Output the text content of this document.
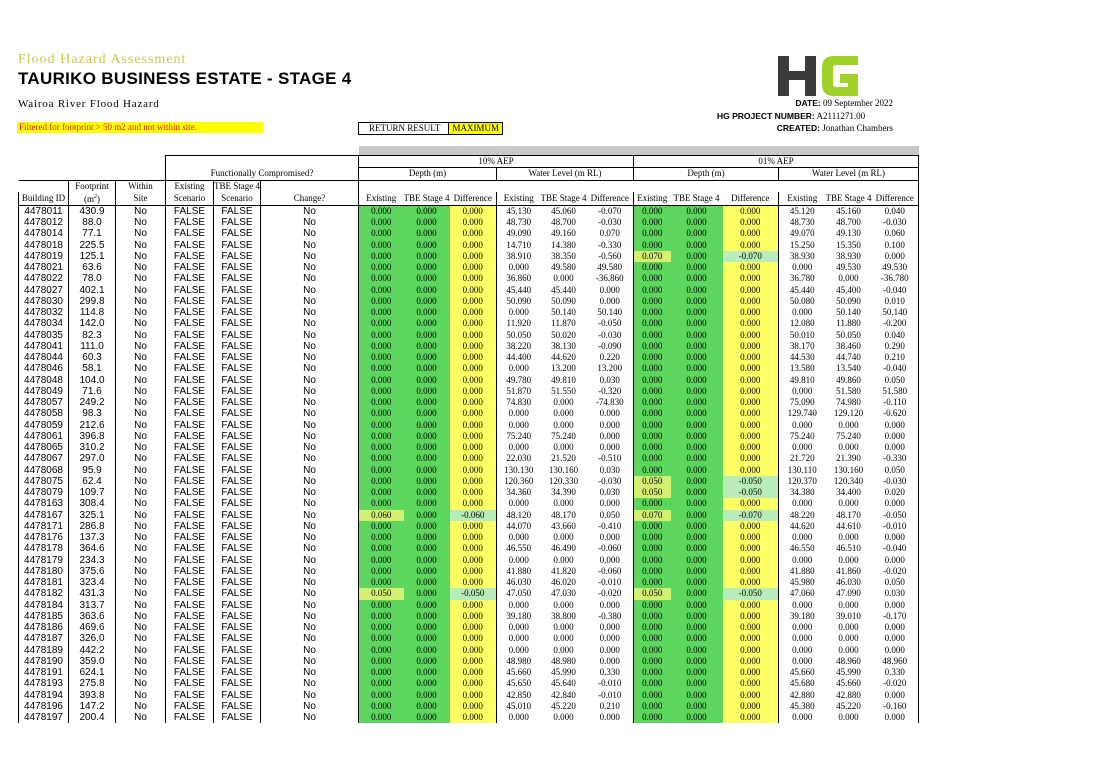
Flood Hazard Assessment
TAURIKO BUSINESS ESTATE - STAGE 4
Wairoa River Flood Hazard
Filtered for footprint > 50 m2 and not within site.	RETURN RESULT	MAXIMUM
DATE: 09 September 2022
HG PROJECT NUMBER: A2111271.00
CREATED: Jonathan Chambers

						10% AEP						01% AEP					
			Functionally Compromised?			Depth (m)			Water Level (m RL)			Depth (m)			Water Level (m RL)		
	Footprint	Within	Existing	TBE Stage 4													
Building ID	$(m^2)$	Site	Scenario	Scenario	Change?	Existing	TBE Stage 4	Difference	Existing	TBE Stage 4	Difference	Existing	TBE Stage 4	Difference	Existing	TBE Stage 4	Difference
4478011	430.9	No	FALSE	FALSE	No	0.000	0.000	0.000	45.130	45.060	-0.070	0.000	0.000	0.000	45.120	45.160	0.040
4478012	88.0	No	FALSE	FALSE	No	0.000	0.000	0.000	48.730	48.700	-0.030	0.000	0.000	0.000	48.730	48.700	-0.030
4478014	77.1	No	FALSE	FALSE	No	0.000	0.000	0.000	49.090	49.160	0.070	0.000	0.000	0.000	49.070	49.130	0.060
4478018	225.5	No	FALSE	FALSE	No	0.000	0.000	0.000	14.710	14.380	-0.330	0.000	0.000	0.000	15.250	15.350	0.100
4478019	125.1	No	FALSE	FALSE	No	0.000	0.000	0.000	38.910	38.350	-0.560	0.070	0.000	-0.070	38.930	38.930	0.000
4478021	63.6	No	FALSE	FALSE	No	0.000	0.000	0.000	0.000	49.580	49.580	0.000	0.000	0.000	0.000	49.530	49.530
4478022	78.0	No	FALSE	FALSE	No	0.000	0.000	0.000	36.860	0.000	-36.860	0.000	0.000	0.000	36.780	0.000	-36.780
4478027	402.1	No	FALSE	FALSE	No	0.000	0.000	0.000	45.440	45.440	0.000	0.000	0.000	0.000	45.440	45.400	-0.040
4478030	299.8	No	FALSE	FALSE	No	0.000	0.000	0.000	50.090	50.090	0.000	0.000	0.000	0.000	50.080	50.090	0.010
4478032	114.8	No	FALSE	FALSE	No	0.000	0.000	0.000	0.000	50.140	50.140	0.000	0.000	0.000	0.000	50.140	50.140
4478034	142.0	No	FALSE	FALSE	No	0.000	0.000	0.000	11.920	11.870	-0.050	0.000	0.000	0.000	12.080	11.880	-0.200
4478035	82.3	No	FALSE	FALSE	No	0.000	0.000	0.000	50.050	50.020	-0.030	0.000	0.000	0.000	50.010	50.050	0.040
4478041	111.0	No	FALSE	FALSE	No	0.000	0.000	0.000	38.220	38.130	-0.090	0.000	0.000	0.000	38.170	38.460	0.290
4478044	60.3	No	FALSE	FALSE	No	0.000	0.000	0.000	44.400	44.620	0.220	0.000	0.000	0.000	44.530	44.740	0.210
4478046	58.1	No	FALSE	FALSE	No	0.000	0.000	0.000	0.000	13.200	13.200	0.000	0.000	0.000	13.580	13.540	-0.040
4478048	104.0	No	FALSE	FALSE	No	0.000	0.000	0.000	49.780	49.810	0.030	0.000	0.000	0.000	49.810	49.860	0.050
4478049	71.6	No	FALSE	FALSE	No	0.000	0.000	0.000	51.870	51.550	-0.320	0.000	0.000	0.000	0.000	51.580	51.580
4478057	249.2	No	FALSE	FALSE	No	0.000	0.000	0.000	74.830	0.000	-74.830	0.000	0.000	0.000	75.090	74.980	-0.110
4478058	98.3	No	FALSE	FALSE	No	0.000	0.000	0.000	0.000	0.000	0.000	0.000	0.000	0.000	129.740	129.120	-0.620
4478059	212.6	No	FALSE	FALSE	No	0.000	0.000	0.000	0.000	0.000	0.000	0.000	0.000	0.000	0.000	0.000	0.000
4478061	396.8	No	FALSE	FALSE	No	0.000	0.000	0.000	75.240	75.240	0.000	0.000	0.000	0.000	75.240	75.240	0.000
4478065	310.2	No	FALSE	FALSE	No	0.000	0.000	0.000	0.000	0.000	0.000	0.000	0.000	0.000	0.000	0.000	0.000
4478067	297.0	No	FALSE	FALSE	No	0.000	0.000	0.000	22.030	21.520	-0.510	0.000	0.000	0.000	21.720	21.390	-0.330
4478068	95.9	No	FALSE	FALSE	No	0.000	0.000	0.000	130.130	130.160	0.030	0.000	0.000	0.000	130.110	130.160	0.050
4478075	62.4	No	FALSE	FALSE	No	0.000	0.000	0.000	120.360	120.330	-0.030	0.050	0.000	-0.050	120.370	120.340	-0.030
4478079	109.7	No	FALSE	FALSE	No	0.000	0.000	0.000	34.360	34.390	0.030	0.050	0.000	-0.050	34.380	34.400	0.020
4478163	308.4	No	FALSE	FALSE	No	0.000	0.000	0.000	0.000	0.000	0.000	0.000	0.000	0.000	0.000	0.000	0.000
4478167	325.1	No	FALSE	FALSE	No	0.060	0.000	-0.060	48.120	48.170	0.050	0.070	0.000	-0.070	48.220	48.170	-0.050
4478171	286.8	No	FALSE	FALSE	No	0.000	0.000	0.000	44.070	43.660	-0.410	0.000	0.000	0.000	44.620	44.610	-0.010
4478176	137.3	No	FALSE	FALSE	No	0.000	0.000	0.000	0.000	0.000	0.000	0.000	0.000	0.000	0.000	0.000	0.000
4478178	364.6	No	FALSE	FALSE	No	0.000	0.000	0.000	46.550	46.490	-0.060	0.000	0.000	0.000	46.550	46.510	-0.040
4478179	234.3	No	FALSE	FALSE	No	0.000	0.000	0.000	0.000	0.000	0.000	0.000	0.000	0.000	0.000	0.000	0.000
4478180	375.6	No	FALSE	FALSE	No	0.000	0.000	0.000	41.880	41.820	-0.060	0.000	0.000	0.000	41.880	41.860	-0.020
4478181	323.4	No	FALSE	FALSE	No	0.000	0.000	0.000	46.030	46.020	-0.010	0.000	0.000	0.000	45.980	46.030	0.050
4478182	431.3	No	FALSE	FALSE	No	0.050	0.000	-0.050	47.050	47.030	-0.020	0.050	0.000	-0.050	47.060	47.090	0.030
4478184	313.7	No	FALSE	FALSE	No	0.000	0.000	0.000	0.000	0.000	0.000	0.000	0.000	0.000	0.000	0.000	0.000
4478185	363.6	No	FALSE	FALSE	No	0.000	0.000	0.000	39.180	38.800	-0.380	0.000	0.000	0.000	39.180	39.010	-0.170
4478186	469.6	No	FALSE	FALSE	No	0.000	0.000	0.000	0.000	0.000	0.000	0.000	0.000	0.000	0.000	0.000	0.000
4478187	326.0	No	FALSE	FALSE	No	0.000	0.000	0.000	0.000	0.000	0.000	0.000	0.000	0.000	0.000	0.000	0.000
4478189	442.2	No	FALSE	FALSE	No	0.000	0.000	0.000	0.000	0.000	0.000	0.000	0.000	0.000	0.000	0.000	0.000
4478190	359.0	No	FALSE	FALSE	No	0.000	0.000	0.000	48.980	48.980	0.000	0.000	0.000	0.000	0.000	48.960	48.960
4478191	624.1	No	FALSE	FALSE	No	0.000	0.000	0.000	45.660	45.990	0.330	0.000	0.000	0.000	45.660	45.990	0.330
4478193	275.8	No	FALSE	FALSE	No	0.000	0.000	0.000	45.650	45.640	-0.010	0.000	0.000	0.000	45.680	45.660	-0.020
4478194	393.8	No	FALSE	FALSE	No	0.000	0.000	0.000	42.850	42.840	-0.010	0.000	0.000	0.000	42.880	42.880	0.000
4478196	147.2	No	FALSE	FALSE	No	0.000	0.000	0.000	45.010	45.220	0.210	0.000	0.000	0.000	45.380	45.220	-0.160
4478197	200.4	No	FALSE	FALSE	No	0.000	0.000	0.000	0.000	0.000	0.000	0.000	0.000	0.000	0.000	0.000	0.000
